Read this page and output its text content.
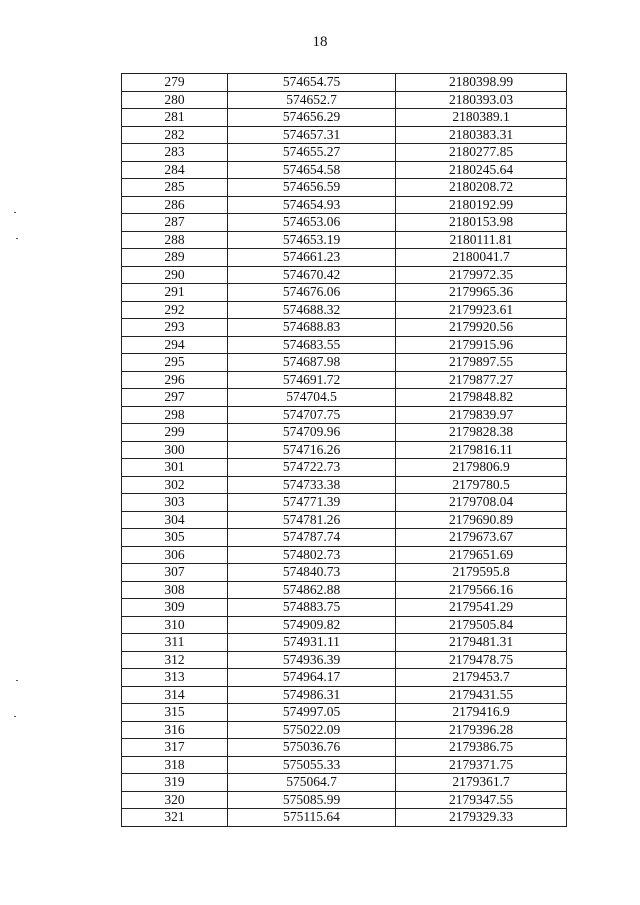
18
279	574654.75	2180398.99
280	574652.7	2180393.03
281	574656.29	2180389.1
282	574657.31	2180383.31
283	574655.27	2180277.85
284	574654.58	2180245.64
285	574656.59	2180208.72
286	574654.93	2180192.99
287	574653.06	2180153.98
288	574653.19	2180111.81
289	574661.23	2180041.7
290	574670.42	2179972.35
291	574676.06	2179965.36
292	574688.32	2179923.61
293	574688.83	2179920.56
294	574683.55	2179915.96
295	574687.98	2179897.55
296	574691.72	2179877.27
297	574704.5	2179848.82
298	574707.75	2179839.97
299	574709.96	2179828.38
300	574716.26	2179816.11
301	574722.73	2179806.9
302	574733.38	2179780.5
303	574771.39	2179708.04
304	574781.26	2179690.89
305	574787.74	2179673.67
306	574802.73	2179651.69
307	574840.73	2179595.8
308	574862.88	2179566.16
309	574883.75	2179541.29
310	574909.82	2179505.84
311	574931.11	2179481.31
312	574936.39	2179478.75
313	574964.17	2179453.7
314	574986.31	2179431.55
315	574997.05	2179416.9
316	575022.09	2179396.28
317	575036.76	2179386.75
318	575055.33	2179371.75
319	575064.7	2179361.7
320	575085.99	2179347.55
321	575115.64	2179329.33
